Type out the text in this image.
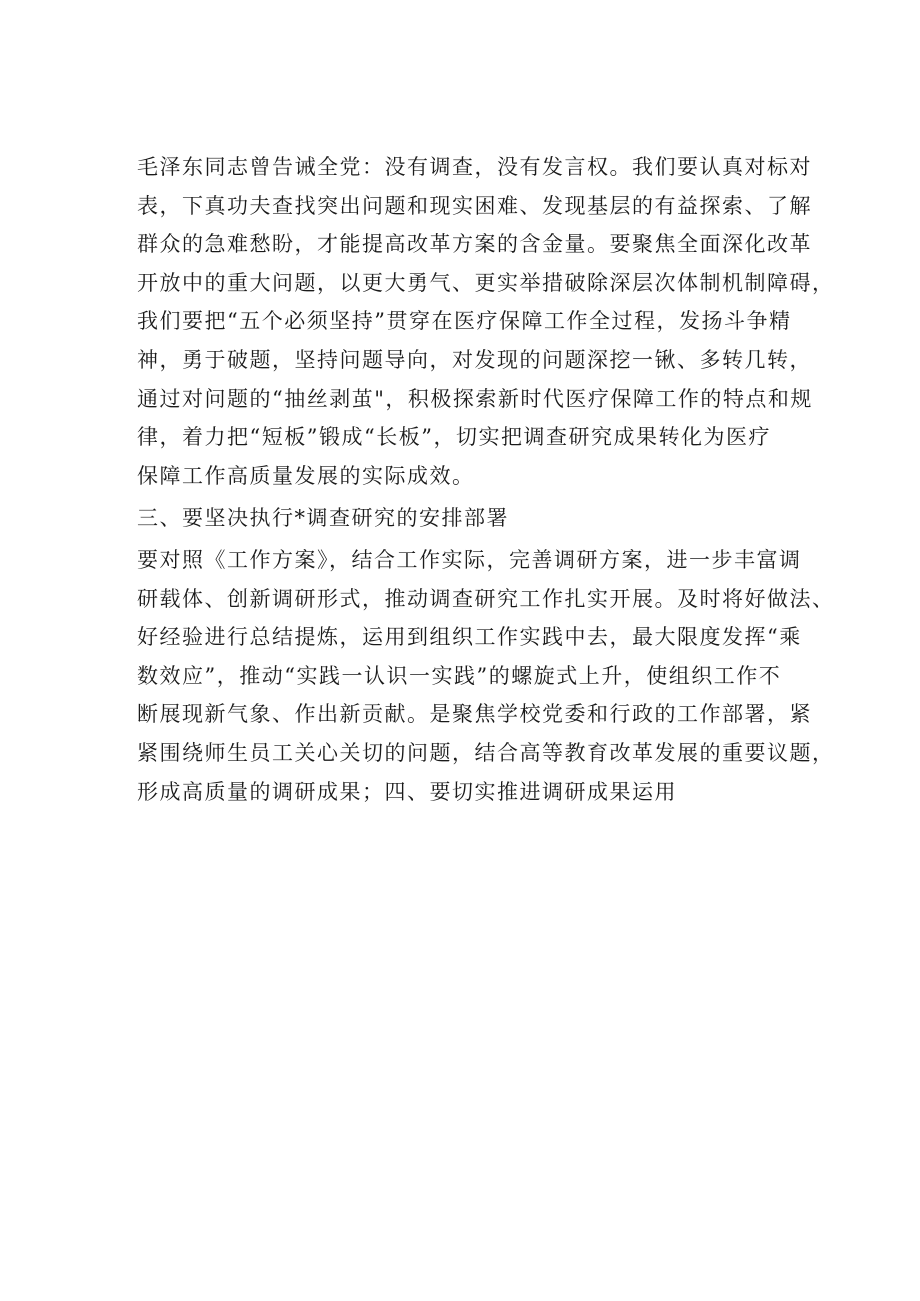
毛泽东同志曾告诫全党：没有调查，没有发言权。我们要认真对标对
表，下真功夫查找突出问题和现实困难、发现基层的有益探索、了解
群众的急难愁盼，才能提高改革方案的含金量。要聚焦全面深化改革
开放中的重大问题，以更大勇气、更实举措破除深层次体制机制障碍，
我们要把“五个必须坚持”贯穿在医疗保障工作全过程，发扬斗争精
神，勇于破题，坚持问题导向，对发现的问题深挖一锹、多转几转，
通过对问题的“抽丝剥茧"，积极探索新时代医疗保障工作的特点和规
律，着力把“短板”锻成“长板”，切实把调查研究成果转化为医疗
保障工作高质量发展的实际成效。
三、要坚决执行*调查研究的安排部署
要对照《工作方案》，结合工作实际，完善调研方案，进一步丰富调
研载体、创新调研形式，推动调查研究工作扎实开展。及时将好做法、
好经验进行总结提炼，运用到组织工作实践中去，最大限度发挥“乘
数效应”，推动“实践一认识一实践”的螺旋式上升，使组织工作不
断展现新气象、作出新贡献。是聚焦学校党委和行政的工作部署，紧
紧围绕师生员工关心关切的问题，结合高等教育改革发展的重要议题，
形成高质量的调研成果；四、要切实推进调研成果运用
